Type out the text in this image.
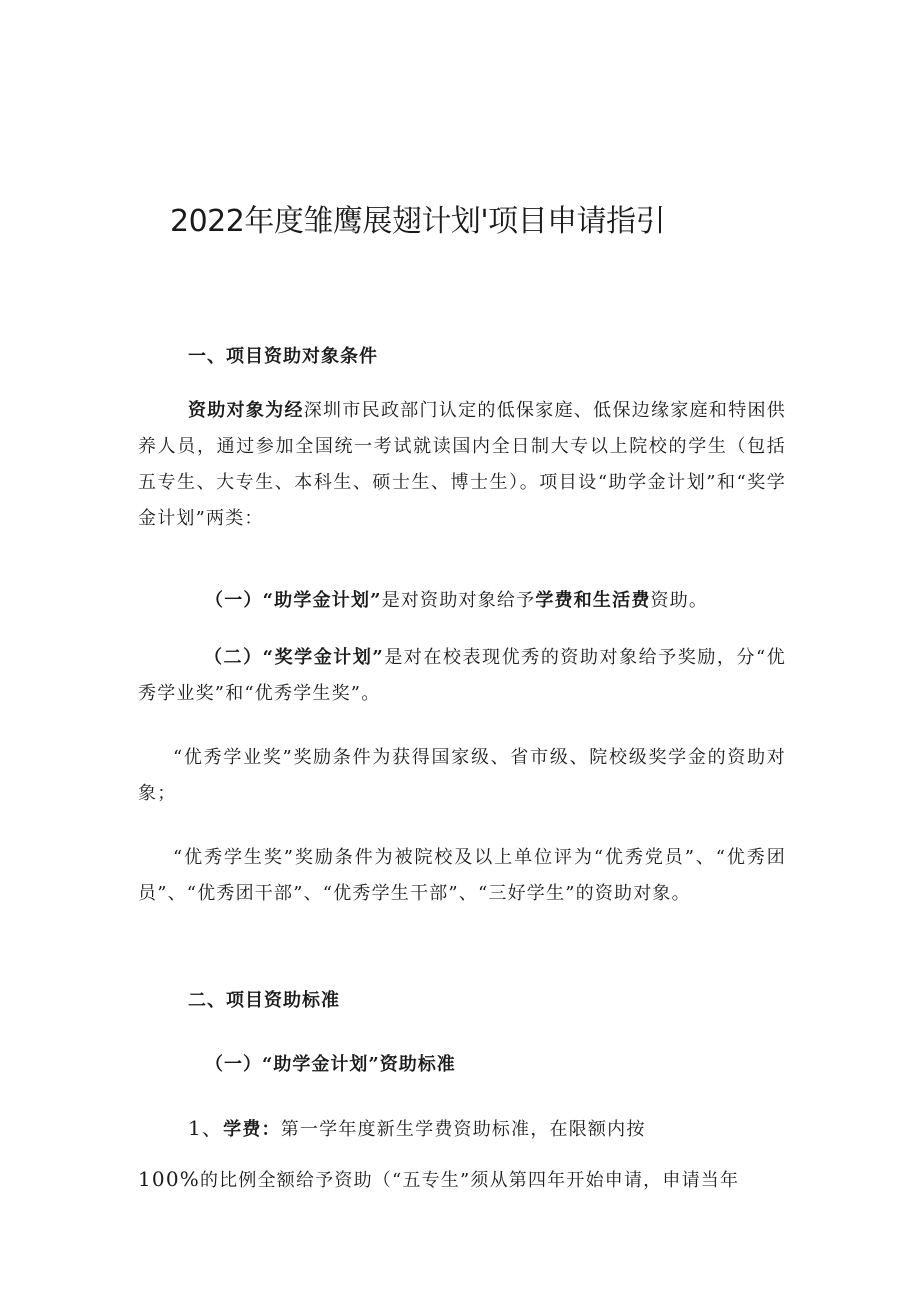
2022年度雏鹰展翅计划'项目申请指引

一、项目资助对象条件

资助对象为经深圳市民政部门认定的低保家庭、低保边缘家庭和特困供养人员，通过参加全国统一考试就读国内全日制大专以上院校的学生（包括五专生、大专生、本科生、硕士生、博士生）。项目设“助学金计划”和“奖学金计划”两类：

（一）“助学金计划”是对资助对象给予学费和生活费资助。

（二）“奖学金计划”是对在校表现优秀的资助对象给予奖励，分“优秀学业奖”和“优秀学生奖”。

“优秀学业奖”奖励条件为获得国家级、省市级、院校级奖学金的资助对象；

“优秀学生奖”奖励条件为被院校及以上单位评为“优秀党员”、“优秀团员”、“优秀团干部”、“优秀学生干部”、“三好学生”的资助对象。

二、项目资助标准

（一）“助学金计划”资助标准

1、学费：第一学年度新生学费资助标准，在限额内按

100%的比例全额给予资助（“五专生”须从第四年开始申请，申请当年
